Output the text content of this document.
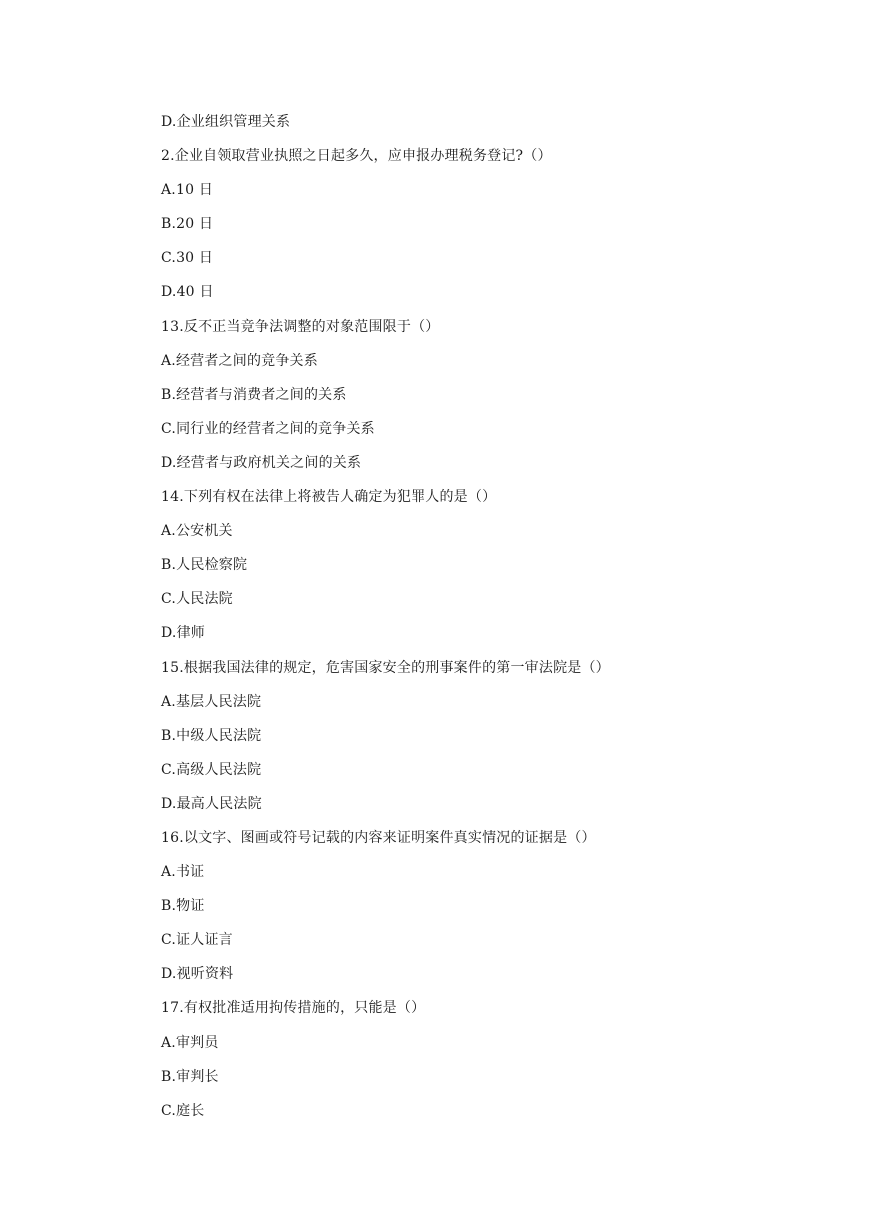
D.企业组织管理关系
2.企业自领取营业执照之日起多久，应申报办理税务登记?（）
A.10 日
B.20 日
C.30 日
D.40 日
13.反不正当竞争法调整的对象范围限于（）
A.经营者之间的竞争关系
B.经营者与消费者之间的关系
C.同行业的经营者之间的竞争关系
D.经营者与政府机关之间的关系
14.下列有权在法律上将被告人确定为犯罪人的是（）
A.公安机关
B.人民检察院
C.人民法院
D.律师
15.根据我国法律的规定，危害国家安全的刑事案件的第一审法院是（）
A.基层人民法院
B.中级人民法院
C.高级人民法院
D.最高人民法院
16.以文字、图画或符号记载的内容来证明案件真实情况的证据是（）
A.书证
B.物证
C.证人证言
D.视听资料
17.有权批准适用拘传措施的，只能是（）
A.审判员
B.审判长
C.庭长
